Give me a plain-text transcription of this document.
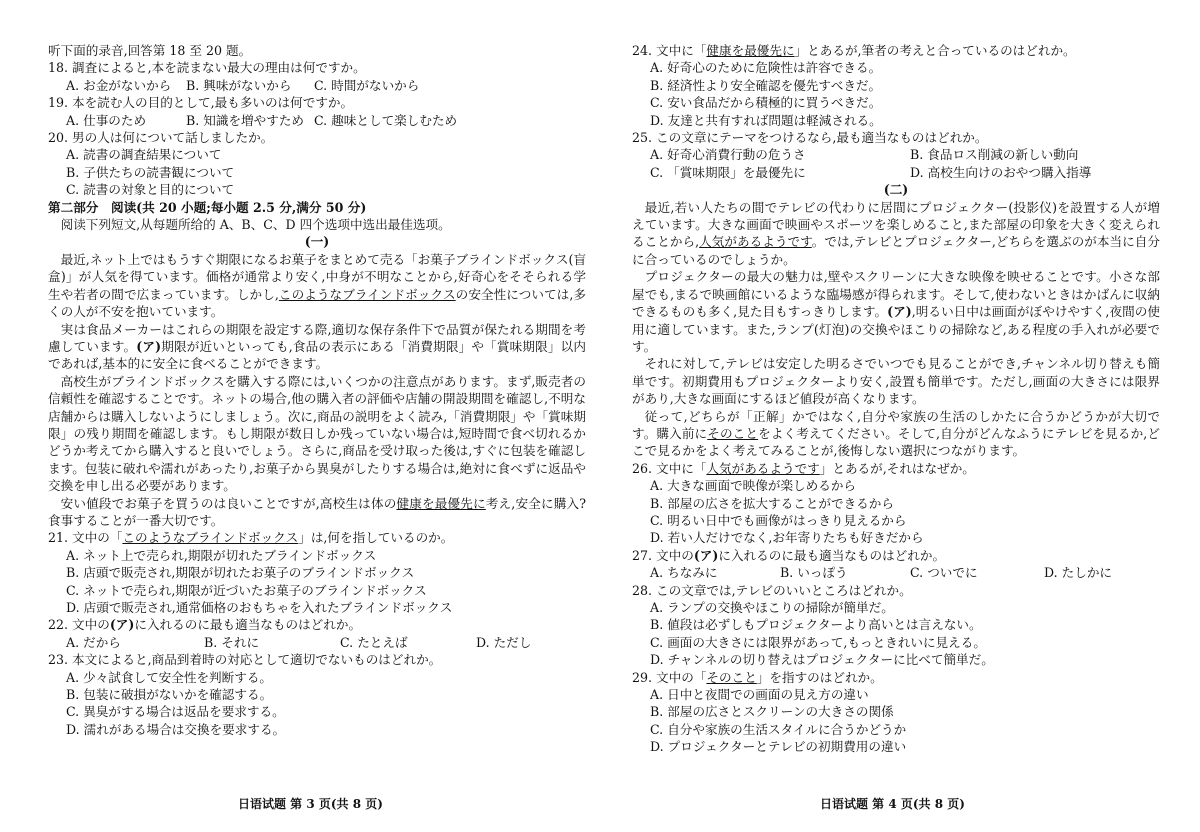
听下面的录音,回答第 18 至 20 题。
18. 調査によると,本を読まない最大の理由は何ですか。
A. お金がないから	B. 興味がないから	C. 時間がないから
19. 本を読む人の目的として,最も多いのは何ですか。
A. 仕事のため	B. 知識を増やすため C. 趣味として楽しむため
20. 男の人は何について話しましたか。
A. 読書の調査結果について
B. 子供たちの読書観について
C. 読書の対象と目的について
第二部分　阅读(共 20 小题;每小题 2.5 分,满分 50 分)
阅读下列短文,从每题所给的 A、B、C、D 四个选项中选出最佳选项。
(一)
最近,ネット上ではもうすぐ期限になるお菓子をまとめて売る「お菓子ブラインドボックス(盲盒)」が人気を得ています。価格が通常より安く,中身が不明なことから,好奇心をそそられる学生や若者の間で広まっています。しかし,このようなブラインドボックスの安全性については,多くの人が不安を抱いています。
実は食品メーカーはこれらの期限を設定する際,適切な保存条件下で品質が保たれる期間を考慮しています。(ア)期限が近いといっても,食品の表示にある「消費期限」や「賞味期限」以内であれば,基本的に安全に食べることができます。
高校生がブラインドボックスを購入する際には,いくつかの注意点があります。まず,販売者の信頼性を確認することです。ネットの場合,他の購入者の評価や店舗の開設期間を確認し,不明な店舗からは購入しないようにしましょう。次に,商品の説明をよく読み,「消費期限」や「賞味期限」の残り期間を確認します。もし期限が数日しか残っていない場合は,短時間で食べ切れるかどうか考えてから購入すると良いでしょう。さらに,商品を受け取った後は,すぐに包装を確認します。包装に破れや濡れがあったり,お菓子から異臭がしたりする場合は,絶対に食べずに返品や交換を申し出る必要があります。
安い値段でお菓子を買うのは良いことですが,高校生は体の健康を最優先に考え,安全に購入? 食事することが一番大切です。
21. 文中の「このようなブラインドボックス」は,何を指しているのか。
A. ネット上で売られ,期限が切れたブラインドボックス
B. 店頭で販売され,期限が切れたお菓子のブラインドボックス
C. ネットで売られ,期限が近づいたお菓子のブラインドボックス
D. 店頭で販売され,通常価格のおもちゃを入れたブラインドボックス
22. 文中の(ア)に入れるのに最も適当なものはどれか。
A. だから	B. それに	C. たとえば	D. ただし
23. 本文によると,商品到着時の対応として適切でないものはどれか。
A. 少々試食して安全性を判断する。
B. 包装に破損がないかを確認する。
C. 異臭がする場合は返品を要求する。
D. 濡れがある場合は交換を要求する。
24. 文中に「健康を最優先に」とあるが,筆者の考えと合っているのはどれか。
A. 好奇心のために危険性は許容できる。
B. 経済性より安全確認を優先すべきだ。
C. 安い食品だから積極的に買うべきだ。
D. 友達と共有すれば問題は軽減される。
25. この文章にテーマをつけるなら,最も適当なものはどれか。
A. 好奇心消費行動の危うさ	B. 食品ロス削減の新しい動向
C. 「賞味期限」を最優先に	D. 高校生向けのおやつ購入指導
(二)
最近,若い人たちの間でテレビの代わりに居間にプロジェクター(投影仪)を設置する人が増えています。大きな画面で映画やスポーツを楽しめること,また部屋の印象を大きく変えられることから,人気があるようです。では,テレビとプロジェクター,どちらを選ぶのが本当に自分に合っているのでしょうか。
プロジェクターの最大の魅力は,壁やスクリーンに大きな映像を映せることです。小さな部屋でも,まるで映画館にいるような臨場感が得られます。そして,使わないときはかばんに収納できるものも多く,見た目もすっきりします。(ア),明るい日中は画面がぼやけやすく,夜間の使用に適しています。また,ランプ(灯泡)の交換やほこりの掃除など,ある程度の手入れが必要です。
それに対して,テレビは安定した明るさでいつでも見ることができ,チャンネル切り替えも簡単です。初期費用もプロジェクターより安く,設置も簡単です。ただし,画面の大きさには限界があり,大きな画面にするほど値段が高くなります。
従って,どちらが「正解」かではなく,自分や家族の生活のしかたに合うかどうかが大切です。購入前にそのことをよく考えてください。そして,自分がどんなふうにテレビを見るか,どこで見るかをよく考えてみることが,後悔しない選択につながります。
26. 文中に「人気があるようです」とあるが,それはなぜか。
A. 大きな画面で映像が楽しめるから
B. 部屋の広さを拡大することができるから
C. 明るい日中でも画像がはっきり見えるから
D. 若い人だけでなく,お年寄りたちも好きだから
27. 文中の(ア)に入れるのに最も適当なものはどれか。
A. ちなみに	B. いっぽう	C. ついでに	D. たしかに
28. この文章では,テレビのいいところはどれか。
A. ランプの交換やほこりの掃除が簡単だ。
B. 値段は必ずしもプロジェクターより高いとは言えない。
C. 画面の大きさには限界があって,もっときれいに見える。
D. チャンネルの切り替えはプロジェクターに比べて簡単だ。
29. 文中の「そのこと」を指すのはどれか。
A. 日中と夜間での画面の見え方の違い
B. 部屋の広さとスクリーンの大きさの関係
C. 自分や家族の生活スタイルに合うかどうか
D. プロジェクターとテレビの初期費用の違い
日语试题 第 3 页(共 8 页)	日语试题 第 4 页(共 8 页)
